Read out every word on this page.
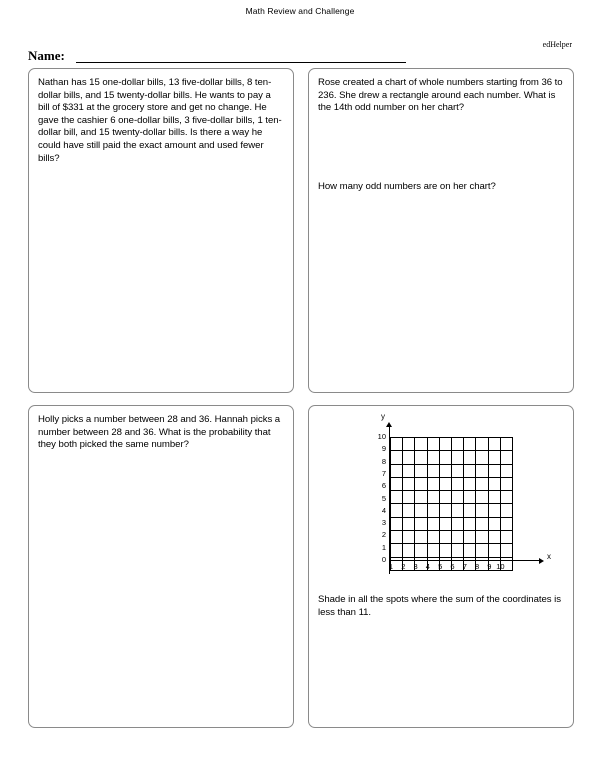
Math Review and Challenge
edHelper
Name:
Nathan has 15 one-dollar bills, 13 five-dollar bills, 8 ten-dollar bills, and 15 twenty-dollar bills. He wants to pay a bill of $331 at the grocery store and get no change. He gave the cashier 6 one-dollar bills, 3 five-dollar bills, 1 ten-dollar bill, and 15 twenty-dollar bills. Is there a way he could have still paid the exact amount and used fewer bills?
Rose created a chart of whole numbers starting from 36 to 236. She drew a rectangle around each number. What is the 14th odd number on her chart?
How many odd numbers are on her chart?
Holly picks a number between 28 and 36. Hannah picks a number between 28 and 36. What is the probability that they both picked the same number?
y
x
10
9
8
7
6
5
4
3
2
1
0

1	2	3	4	5	6	7	8	9 10
Shade in all the spots where the sum of the coordinates is less than 11.
